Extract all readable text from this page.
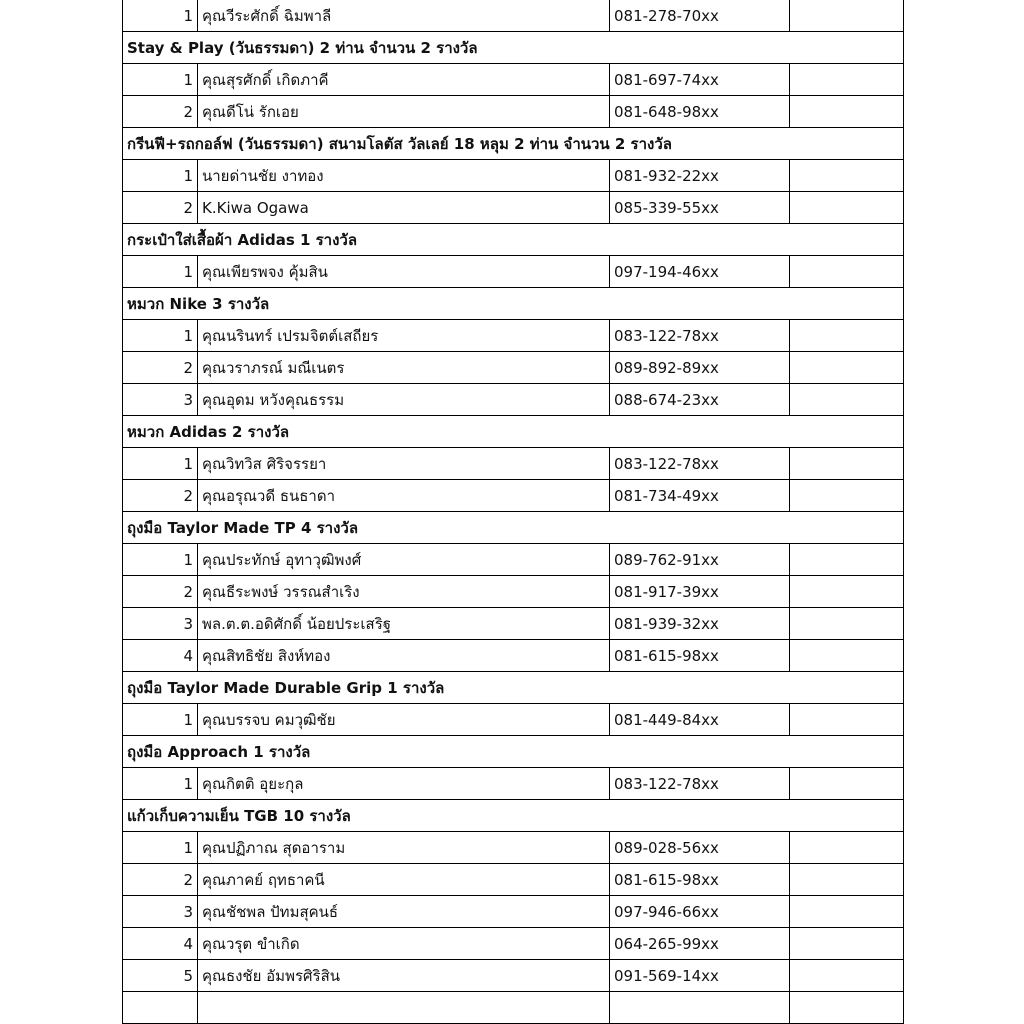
1	คุณวีระศักดิ์ ฉิมพาลี	081-278-70xx	
Stay & Play (วันธรรมดา) 2 ท่าน จำนวน 2 รางวัล			
1	คุณสุรศักดิ์ เกิดภาคี	081-697-74xx	
2	คุณดีโน่ รักเอย	081-648-98xx	
กรีนฟี+รถกอล์ฟ (วันธรรมดา) สนามโลตัส วัลเลย์ 18 หลุม 2 ท่าน จำนวน 2 รางวัล			
1	นายด่านชัย งาทอง	081-932-22xx	
2	K.Kiwa Ogawa	085-339-55xx	
กระเป๋าใส่เสื้อผ้า Adidas 1 รางวัล			
1	คุณเพียรพจง คุ้มสิน	097-194-46xx	
หมวก Nike 3 รางวัล			
1	คุณนรินทร์ เปรมจิตต์เสถียร	083-122-78xx	
2	คุณวราภรณ์ มณีเนตร	089-892-89xx	
3	คุณอุดม หวังคุณธรรม	088-674-23xx	
หมวก Adidas 2 รางวัล			
1	คุณวิทวิส ศิริจรรยา	083-122-78xx	
2	คุณอรุณวดี ธนธาดา	081-734-49xx	
ถุงมือ Taylor Made TP 4 รางวัล			
1	คุณประทักษ์ อุทาวุฒิพงศ์	089-762-91xx	
2	คุณธีระพงษ์ วรรณสำเริง	081-917-39xx	
3	พล.ต.ต.อดิศักดิ์ น้อยประเสริฐ	081-939-32xx	
4	คุณสิทธิชัย สิงห์ทอง	081-615-98xx	
ถุงมือ Taylor Made Durable Grip 1 รางวัล			
1	คุณบรรจบ คมวุฒิชัย	081-449-84xx	
ถุงมือ Approach 1 รางวัล			
1	คุณกิตติ อุยะกุล	083-122-78xx	
แก้วเก็บความเย็น TGB 10 รางวัล			
1	คุณปฏิภาณ สุดอาราม	089-028-56xx	
2	คุณภาคย์ ฤทธาคนี	081-615-98xx	
3	คุณชัชพล ปัทมสุคนธ์	097-946-66xx	
4	คุณวรุต ขำเกิด	064-265-99xx	
5	คุณธงชัย อัมพรศิริสิน	091-569-14xx	
